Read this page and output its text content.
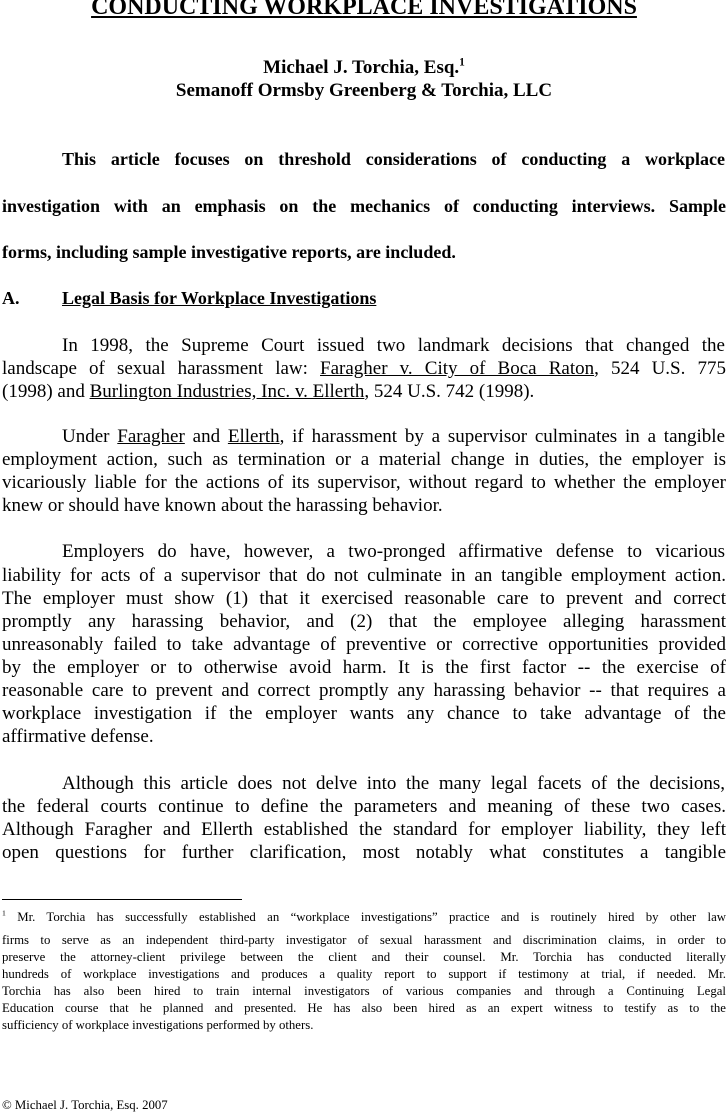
CONDUCTING WORKPLACE INVESTIGATIONS
Michael J. Torchia, Esq.$^1$
Semanoff Ormsby Greenberg & Torchia, LLC
This article focuses on threshold considerations of conducting a workplace
investigation with an emphasis on the mechanics of conducting interviews. Sample
forms, including sample investigative reports, are included.
A. Legal Basis for Workplace Investigations
In 1998, the Supreme Court issued two landmark decisions that changed the
landscape of sexual harassment law: Faragher v. City of Boca Raton, 524 U.S. 775
(1998) and Burlington Industries, Inc. v. Ellerth, 524 U.S. 742 (1998).
Under Faragher and Ellerth, if harassment by a supervisor culminates in a tangible
employment action, such as termination or a material change in duties, the employer is
vicariously liable for the actions of its supervisor, without regard to whether the employer
knew or should have known about the harassing behavior.
Employers do have, however, a two-pronged affirmative defense to vicarious
liability for acts of a supervisor that do not culminate in an tangible employment action.
The employer must show (1) that it exercised reasonable care to prevent and correct
promptly any harassing behavior, and (2) that the employee alleging harassment
unreasonably failed to take advantage of preventive or corrective opportunities provided
by the employer or to otherwise avoid harm. It is the first factor -- the exercise of
reasonable care to prevent and correct promptly any harassing behavior -- that requires a
workplace investigation if the employer wants any chance to take advantage of the
affirmative defense.
Although this article does not delve into the many legal facets of the decisions,
the federal courts continue to define the parameters and meaning of these two cases.
Although Faragher and Ellerth established the standard for employer liability, they left
open questions for further clarification, most notably what constitutes a tangible
$^1$ Mr. Torchia has successfully established an “workplace investigations” practice and is routinely hired by other law
firms to serve as an independent third-party investigator of sexual harassment and discrimination claims, in order to
preserve the attorney-client privilege between the client and their counsel. Mr. Torchia has conducted literally
hundreds of workplace investigations and produces a quality report to support if testimony at trial, if needed. Mr.
Torchia has also been hired to train internal investigators of various companies and through a Continuing Legal
Education course that he planned and presented. He has also been hired as an expert witness to testify as to the
sufficiency of workplace investigations performed by others.
© Michael J. Torchia, Esq. 2007
